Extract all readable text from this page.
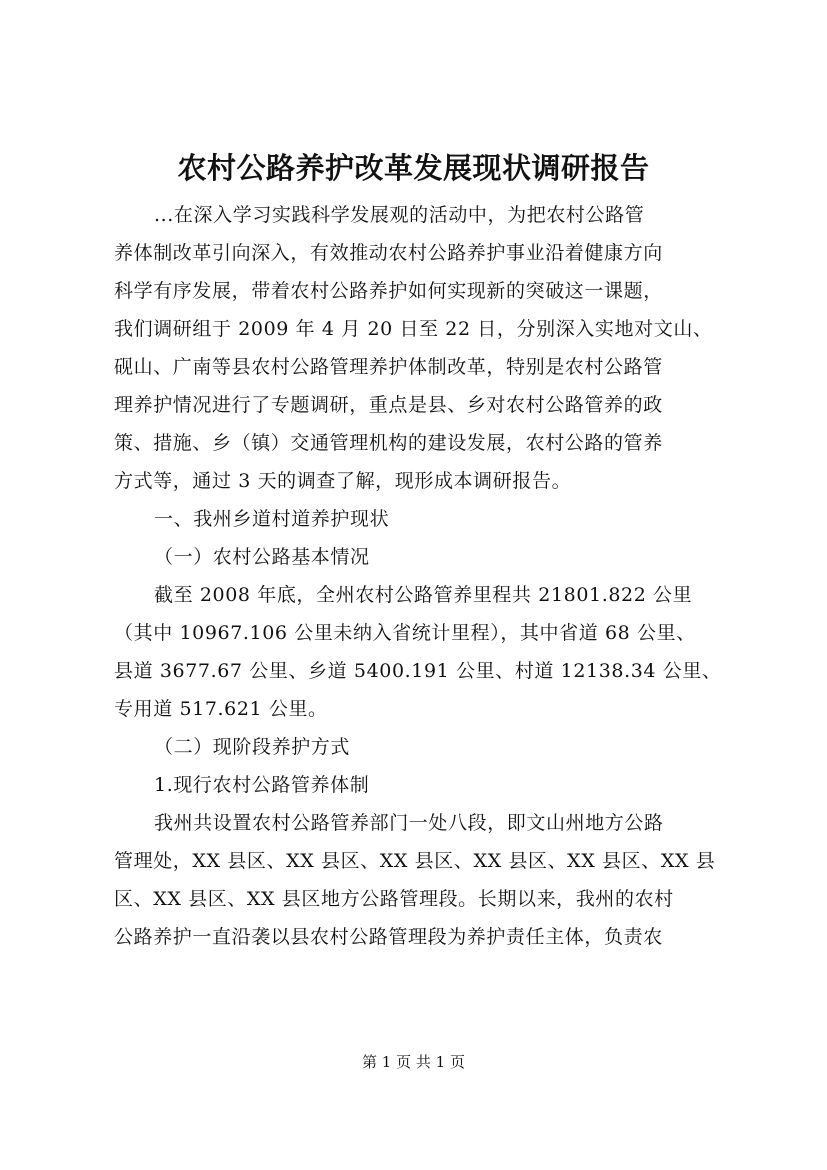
农村公路养护改革发展现状调研报告
...在深入学习实践科学发展观的活动中，为把农村公路管
养体制改革引向深入，有效推动农村公路养护事业沿着健康方向
科学有序发展，带着农村公路养护如何实现新的突破这一课题，
我们调研组于 2009 年 4 月 20 日至 22 日，分别深入实地对文山、
砚山、广南等县农村公路管理养护体制改革，特别是农村公路管
理养护情况进行了专题调研，重点是县、乡对农村公路管养的政
策、措施、乡（镇）交通管理机构的建设发展，农村公路的管养
方式等，通过 3 天的调查了解，现形成本调研报告。
一、我州乡道村道养护现状
（一）农村公路基本情况
截至 2008 年底，全州农村公路管养里程共 21801.822 公里
（其中 10967.106 公里未纳入省统计里程），其中省道 68 公里、
县道 3677.67 公里、乡道 5400.191 公里、村道 12138.34 公里、
专用道 517.621 公里。
（二）现阶段养护方式
1.现行农村公路管养体制
我州共设置农村公路管养部门一处八段，即文山州地方公路
管理处，XX 县区、XX 县区、XX 县区、XX 县区、XX 县区、XX 县
区、XX 县区、XX 县区地方公路管理段。长期以来，我州的农村
公路养护一直沿袭以县农村公路管理段为养护责任主体，负责农
第 1 页 共 1 页
